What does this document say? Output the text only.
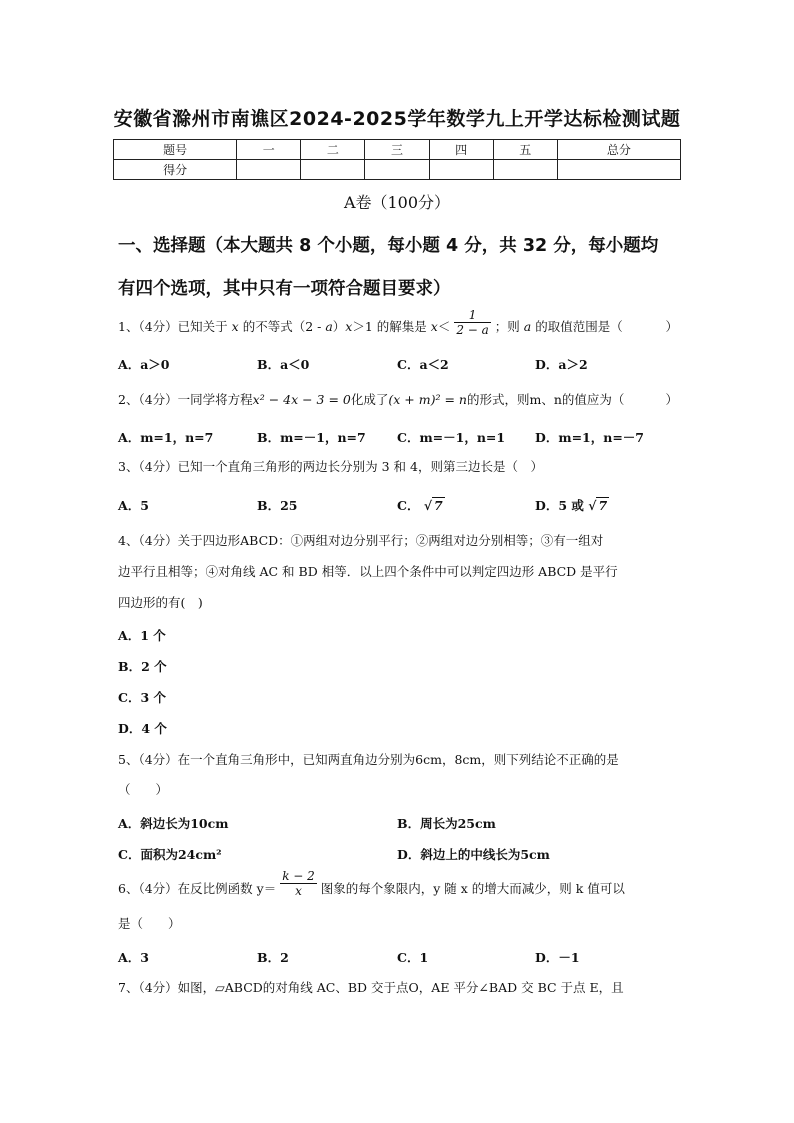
安徽省滁州市南谯区2024-2025学年数学九上开学达标检测试题
题号	一	二	三	四	五	总分
得分						
A卷（100分）
一、选择题（本大题共 8 个小题，每小题 4 分，共 32 分，每小题均
有四个选项，其中只有一项符合题目要求）
1、（4分）已知关于 x 的不等式（2 - a）x＞1 的解集是 $x< \frac{1}{2 - a}$ ；则 a 的取值范围是（	）
A．a＞0	B．a＜0	C．a＜2	D．a＞2
2、（4分）一同学将方程x² − 4x − 3 = 0化成了(x + m)² = n的形式，则m、n的值应为（	）
A．m=1，n=7	B．m=－1，n=7	C．m=－1，n=1 D．m=1，n=－7
3、（4分）已知一个直角三角形的两边长分别为 3 和 4，则第三边长是（　）
A．5	B．25	C． √ 7	D．5 或 √ 7
4、（4分）关于四边形ABCD：①两组对边分别平行；②两组对边分别相等；③有一组对
边平行且相等；④对角线 AC 和 BD 相等．以上四个条件中可以判定四边形 ABCD 是平行
四边形的有(　)
A．1 个
B．2 个
C．3 个
D．4 个
5、（4分）在一个直角三角形中，已知两直角边分别为6cm，8cm，则下列结论不正确的是
（　　）
A．斜边长为10cm	B．周长为25cm
C．面积为24cm²	D．斜边上的中线长为5cm
6、（4分）在反比例函数 $y= \frac{k - 2}{x}$ 图象的每个象限内，y 随 x 的增大而减少，则 k 值可以
是（　　）
A．3	B．2	C．1	D．－1
7、（4分）如图，▱ABCD的对角线 AC、BD 交于点O，AE 平分∠BAD 交 BC 于点 E，且
